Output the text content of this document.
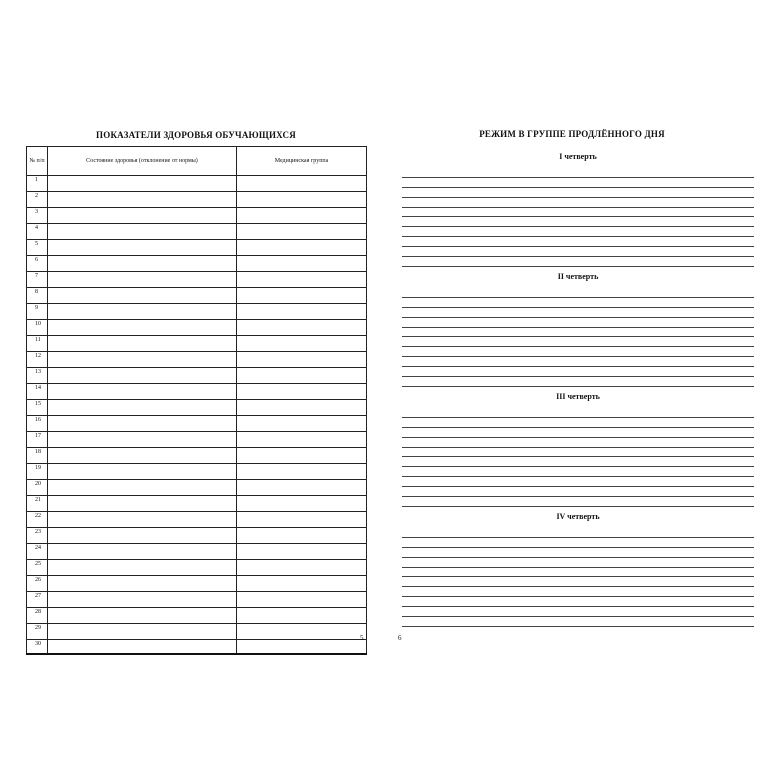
ПОКАЗАТЕЛИ ЗДОРОВЬЯ ОБУЧАЮЩИХСЯ
№ п/п	Состояние здоровья (отклонение от нормы)	Медицинская группа
1		
2		
3		
4		
5		
6		
7		
8		
9		
10		
11		
12		
13		
14		
15		
16		
17		
18		
19		
20		
21		
22		
23		
24		
25		
26		
27		
28		
29		
30		
5
РЕЖИМ В ГРУППЕ ПРОДЛЁННОГО ДНЯ
I четверть
II четверть
III четверть
IV четверть
6
